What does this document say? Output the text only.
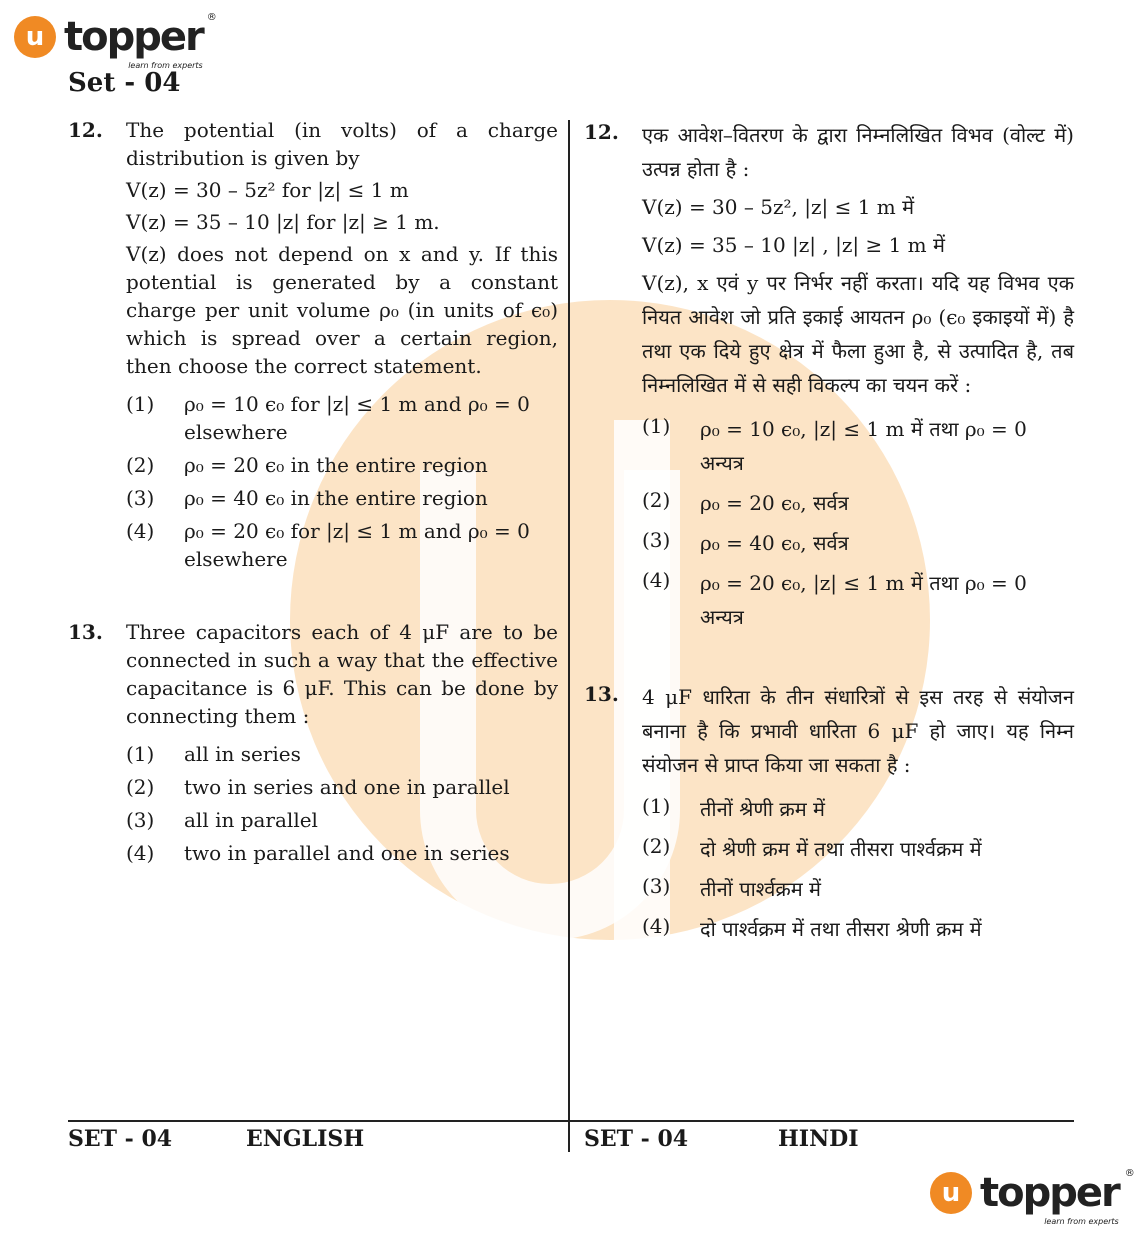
u topper ®
learn from experts
Set - 04
12.	The potential (in volts) of a charge distribution is given by

V(z) = 30 – 5z² for |z| ≤ 1 m
V(z) = 35 – 10 |z| for |z| ≥ 1 m.

V(z) does not depend on x and y. If this potential is generated by a constant charge per unit volume ρ₀ (in units of ϵ₀) which is spread over a certain region, then choose the correct statement.

(1)	ρ₀ = 10 ϵ₀ for |z| ≤ 1 m and ρ₀ = 0 elsewhere
(2)	ρ₀ = 20 ϵ₀ in the entire region
(3)	ρ₀ = 40 ϵ₀ in the entire region
(4)	ρ₀ = 20 ϵ₀ for |z| ≤ 1 m and ρ₀ = 0 elsewhere
13.	Three capacitors each of 4 μF are to be connected in such a way that the effective capacitance is 6 μF. This can be done by connecting them :

(1)	all in series
(2)	two in series and one in parallel
(3)	all in parallel
(4)	two in parallel and one in series
12.	एक आवेश–वितरण के द्वारा निम्नलिखित विभव (वोल्ट में) उत्पन्न होता है :

V(z) = 30 – 5z², |z| ≤ 1 m में
V(z) = 35 – 10 |z| , |z| ≥ 1 m में

V(z), x एवं y पर निर्भर नहीं करता। यदि यह विभव एक नियत आवेश जो प्रति इकाई आयतन ρ₀ (ϵ₀ इकाइयों में) है तथा एक दिये हुए क्षेत्र में फैला हुआ है, से उत्पादित है, तब निम्नलिखित में से सही विकल्प का चयन करें :

(1)	ρ₀ = 10 ϵ₀, |z| ≤ 1 m में तथा ρ₀ = 0 अन्यत्र
(2)	ρ₀ = 20 ϵ₀, सर्वत्र
(3)	ρ₀ = 40 ϵ₀, सर्वत्र
(4)	ρ₀ = 20 ϵ₀, |z| ≤ 1 m में तथा ρ₀ = 0 अन्यत्र
13.	4 μF धारिता के तीन संधारित्रों से इस तरह से संयोजन बनाना है कि प्रभावी धारिता 6 μF हो जाए। यह निम्न संयोजन से प्राप्त किया जा सकता है :

(1)	तीनों श्रेणी क्रम में
(2)	दो श्रेणी क्रम में तथा तीसरा पार्श्वक्रम में
(3)	तीनों पार्श्वक्रम में
(4)	दो पार्श्वक्रम में तथा तीसरा श्रेणी क्रम में
SET - 04	ENGLISH	SET - 04	HINDI
u topper ®
learn from experts
